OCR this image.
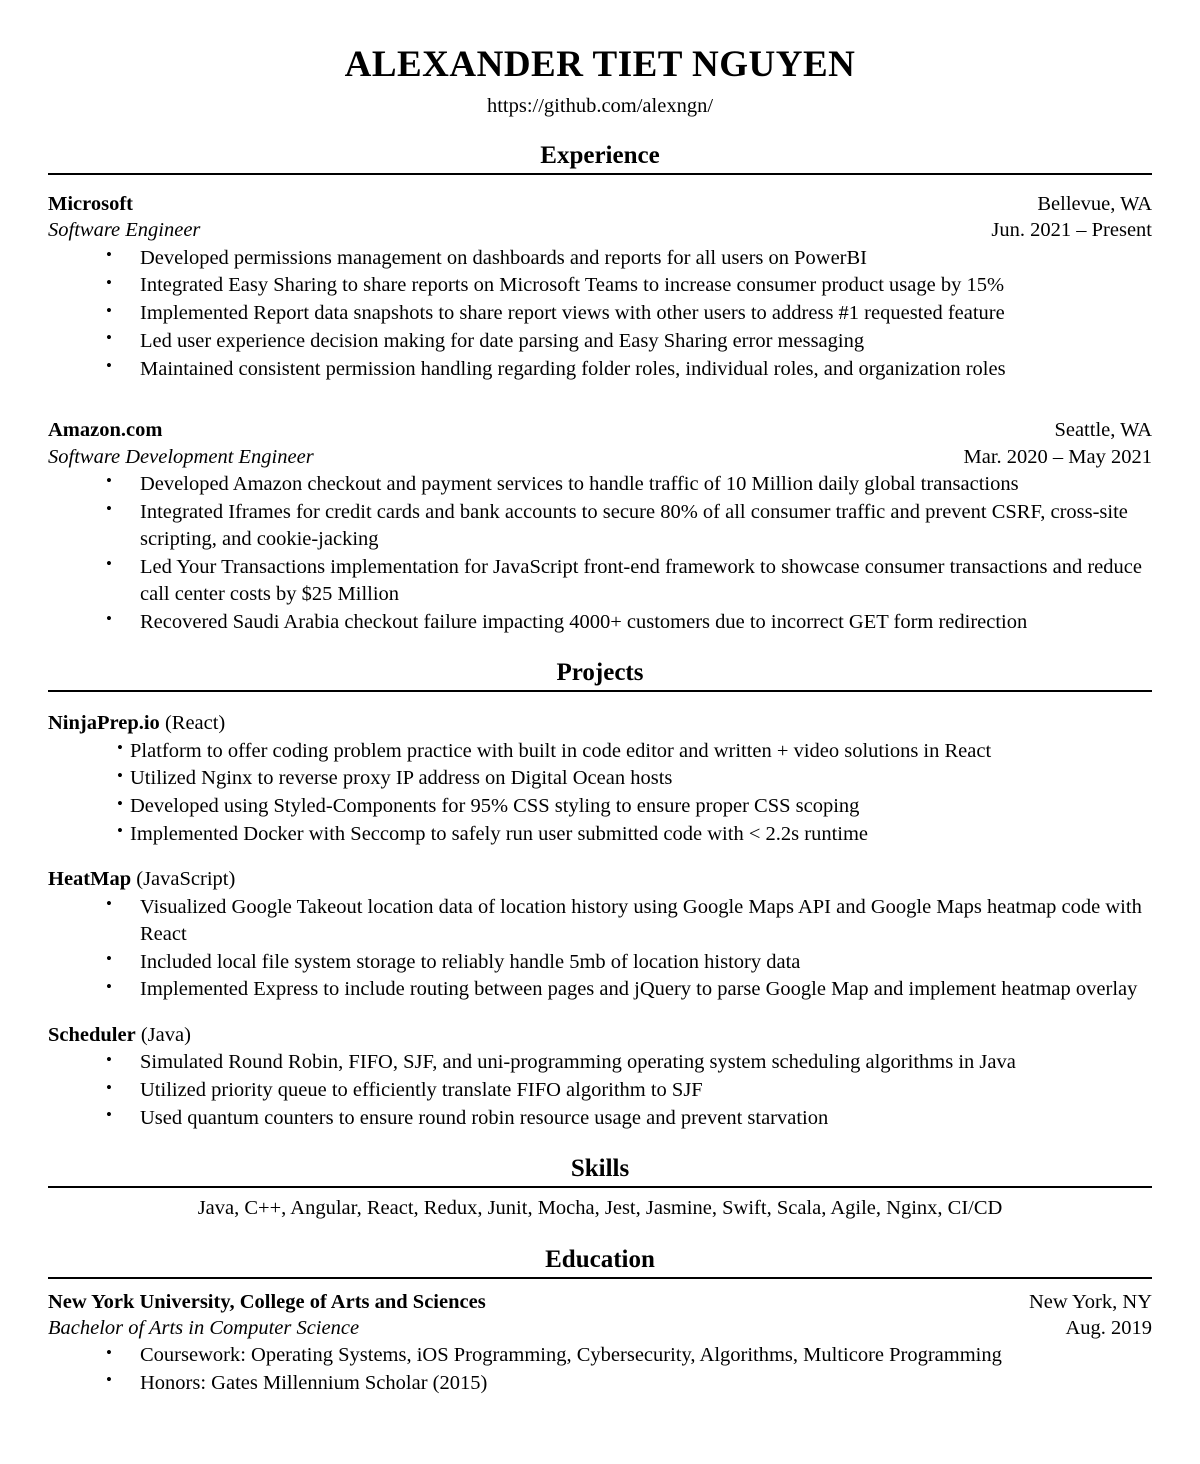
ALEXANDER TIET NGUYEN
https://github.com/alexngn/
Experience
Microsoft	Bellevue, WA
Software Engineer	Jun. 2021 – Present
• Developed permissions management on dashboards and reports for all users on PowerBI
• Integrated Easy Sharing to share reports on Microsoft Teams to increase consumer product usage by 15%
• Implemented Report data snapshots to share report views with other users to address #1 requested feature
• Led user experience decision making for date parsing and Easy Sharing error messaging
• Maintained consistent permission handling regarding folder roles, individual roles, and organization roles
Amazon.com	Seattle, WA
Software Development Engineer	Mar. 2020 – May 2021
• Developed Amazon checkout and payment services to handle traffic of 10 Million daily global transactions
• Integrated Iframes for credit cards and bank accounts to secure 80% of all consumer traffic and prevent CSRF, cross-site scripting, and cookie-jacking
• Led Your Transactions implementation for JavaScript front-end framework to showcase consumer transactions and reduce call center costs by $25 Million
• Recovered Saudi Arabia checkout failure impacting 4000+ customers due to incorrect GET form redirection
Projects
NinjaPrep.io (React)
• Platform to offer coding problem practice with built in code editor and written + video solutions in React
• Utilized Nginx to reverse proxy IP address on Digital Ocean hosts
• Developed using Styled-Components for 95% CSS styling to ensure proper CSS scoping
• Implemented Docker with Seccomp to safely run user submitted code with < 2.2s runtime
HeatMap (JavaScript)
• Visualized Google Takeout location data of location history using Google Maps API and Google Maps heatmap code with React
• Included local file system storage to reliably handle 5mb of location history data
• Implemented Express to include routing between pages and jQuery to parse Google Map and implement heatmap overlay
Scheduler (Java)
• Simulated Round Robin, FIFO, SJF, and uni-programming operating system scheduling algorithms in Java
• Utilized priority queue to efficiently translate FIFO algorithm to SJF
• Used quantum counters to ensure round robin resource usage and prevent starvation
Skills
Java, C++, Angular, React, Redux, Junit, Mocha, Jest, Jasmine, Swift, Scala, Agile, Nginx, CI/CD
Education
New York University, College of Arts and Sciences	New York, NY
Bachelor of Arts in Computer Science	Aug. 2019
• Coursework: Operating Systems, iOS Programming, Cybersecurity, Algorithms, Multicore Programming
• Honors: Gates Millennium Scholar (2015)
